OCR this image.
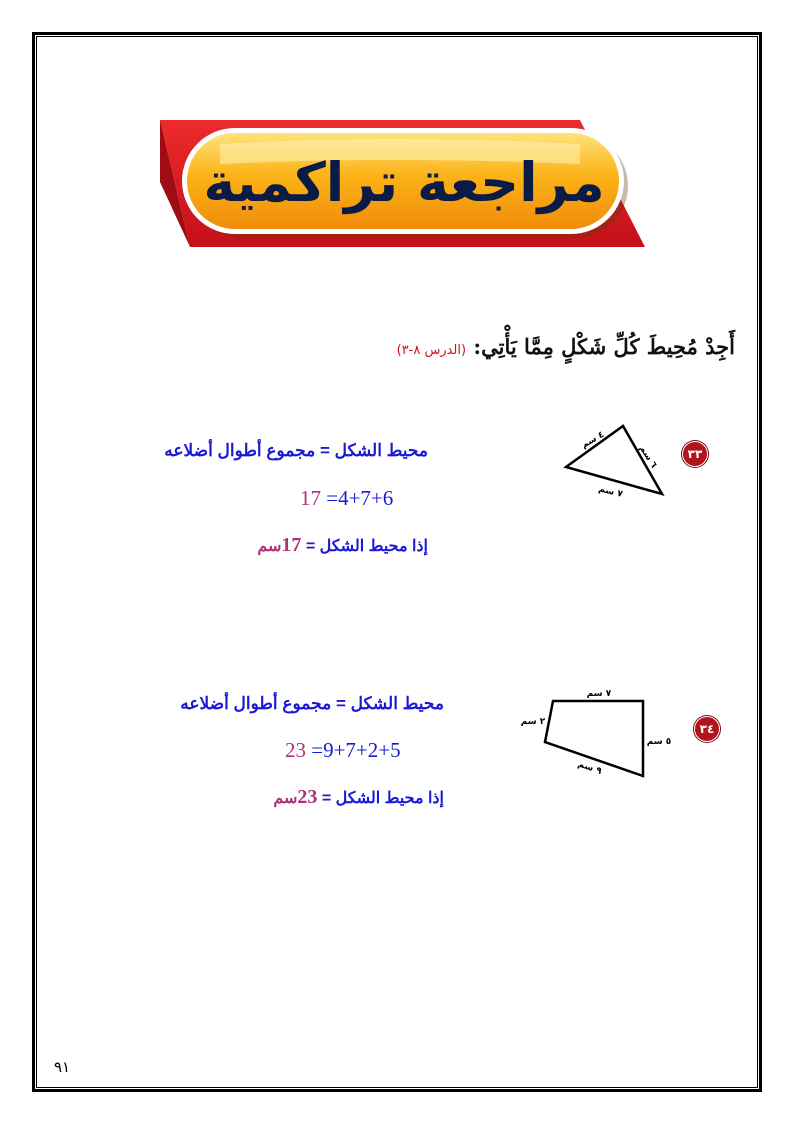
مراجعة تراكمية
أَجِدْ مُحِيطَ كُلِّ شَكْلٍ مِمَّا يَأْتِي: (الدرس ٨-٣)
٣٣
٤ سم
٦ سم
٧ سم
محيط الشكل = مجموع أطوال أضلاعه
17 =4+7+6
إذا محيط الشكل = 17سم
٣٤
٧ سم
٢ سم
٥ سم
٩ سم
محيط الشكل = مجموع أطوال أضلاعه
23 =9+7+2+5
إذا محيط الشكل = 23سم
٩١
